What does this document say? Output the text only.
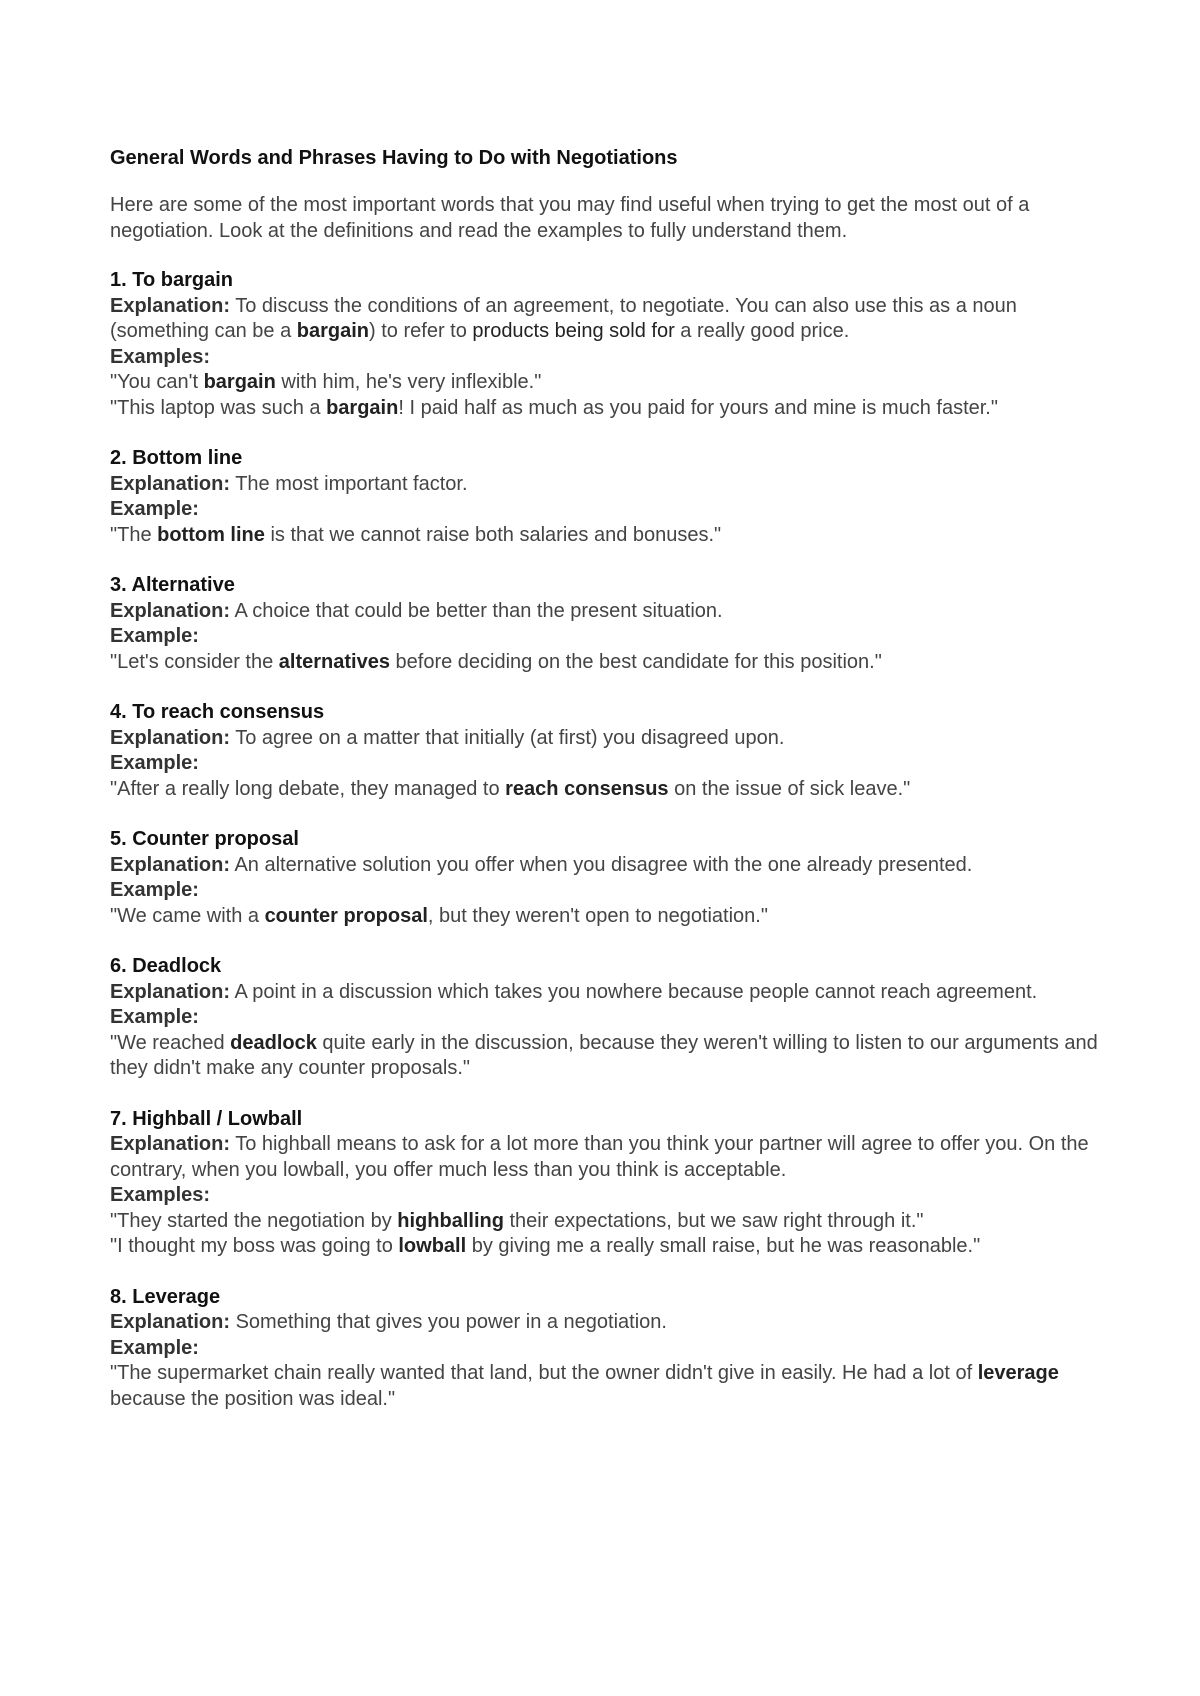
General Words and Phrases Having to Do with Negotiations

Here are some of the most important words that you may find useful when trying to get the most out of a negotiation. Look at the definitions and read the examples to fully understand them.

1. To bargain

Explanation: To discuss the conditions of an agreement, to negotiate. You can also use this as a noun (something can be a bargain) to refer to products being sold for a really good price.

Examples:

"You can't bargain with him, he's very inflexible."

"This laptop was such a bargain! I paid half as much as you paid for yours and mine is much faster."

2. Bottom line

Explanation: The most important factor.

Example:

"The bottom line is that we cannot raise both salaries and bonuses."

3. Alternative

Explanation: A choice that could be better than the present situation.

Example:

"Let's consider the alternatives before deciding on the best candidate for this position."

4. To reach consensus

Explanation: To agree on a matter that initially (at first) you disagreed upon.

Example:

"After a really long debate, they managed to reach consensus on the issue of sick leave."

5. Counter proposal

Explanation: An alternative solution you offer when you disagree with the one already presented.

Example:

"We came with a counter proposal, but they weren't open to negotiation."

6. Deadlock

Explanation: A point in a discussion which takes you nowhere because people cannot reach agreement.

Example:

"We reached deadlock quite early in the discussion, because they weren't willing to listen to our arguments and they didn't make any counter proposals."

7. Highball / Lowball

Explanation: To highball means to ask for a lot more than you think your partner will agree to offer you. On the contrary, when you lowball, you offer much less than you think is acceptable.

Examples:

"They started the negotiation by highballing their expectations, but we saw right through it."

"I thought my boss was going to lowball by giving me a really small raise, but he was reasonable."

8. Leverage

Explanation: Something that gives you power in a negotiation.

Example:

"The supermarket chain really wanted that land, but the owner didn't give in easily. He had a lot of leverage because the position was ideal."
